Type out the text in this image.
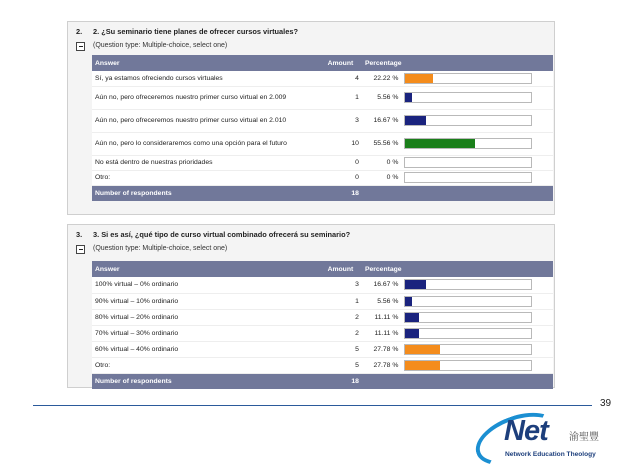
2. 2. ¿Su seminario tiene planes de ofrecer cursos virtuales?
(Question type: Multiple-choice, select one)
Answer	Amount	Percentage	
Sí, ya estamos ofreciendo cursos virtuales	4	22.22 %	

Aún no, pero ofreceremos nuestro primer curso virtual en 2.009	1	5.56 %	

Aún no, pero ofreceremos nuestro primer curso virtual en 2.010	3	16.67 %	

Aún no, pero lo consideraremos como una opción para el futuro	10	55.56 %	

No está dentro de nuestras prioridades	0	0 %	

Otro:	0	0 %	

Number of respondents	18		
3. 3. Si es así, ¿qué tipo de curso virtual combinado ofrecerá su seminario?
(Question type: Multiple-choice, select one)
Answer	Amount	Percentage	
100% virtual – 0% ordinario	3	16.67 %	

90% virtual – 10% ordinario	1	5.56 %	

80% virtual – 20% ordinario	2	11.11 %	

70% virtual – 30% ordinario	2	11.11 %	

60% virtual – 40% ordinario	5	27.78 %	

Otro:	5	27.78 %	

Number of respondents	18		
39
Net 渝聖豐
Network Education Theology
